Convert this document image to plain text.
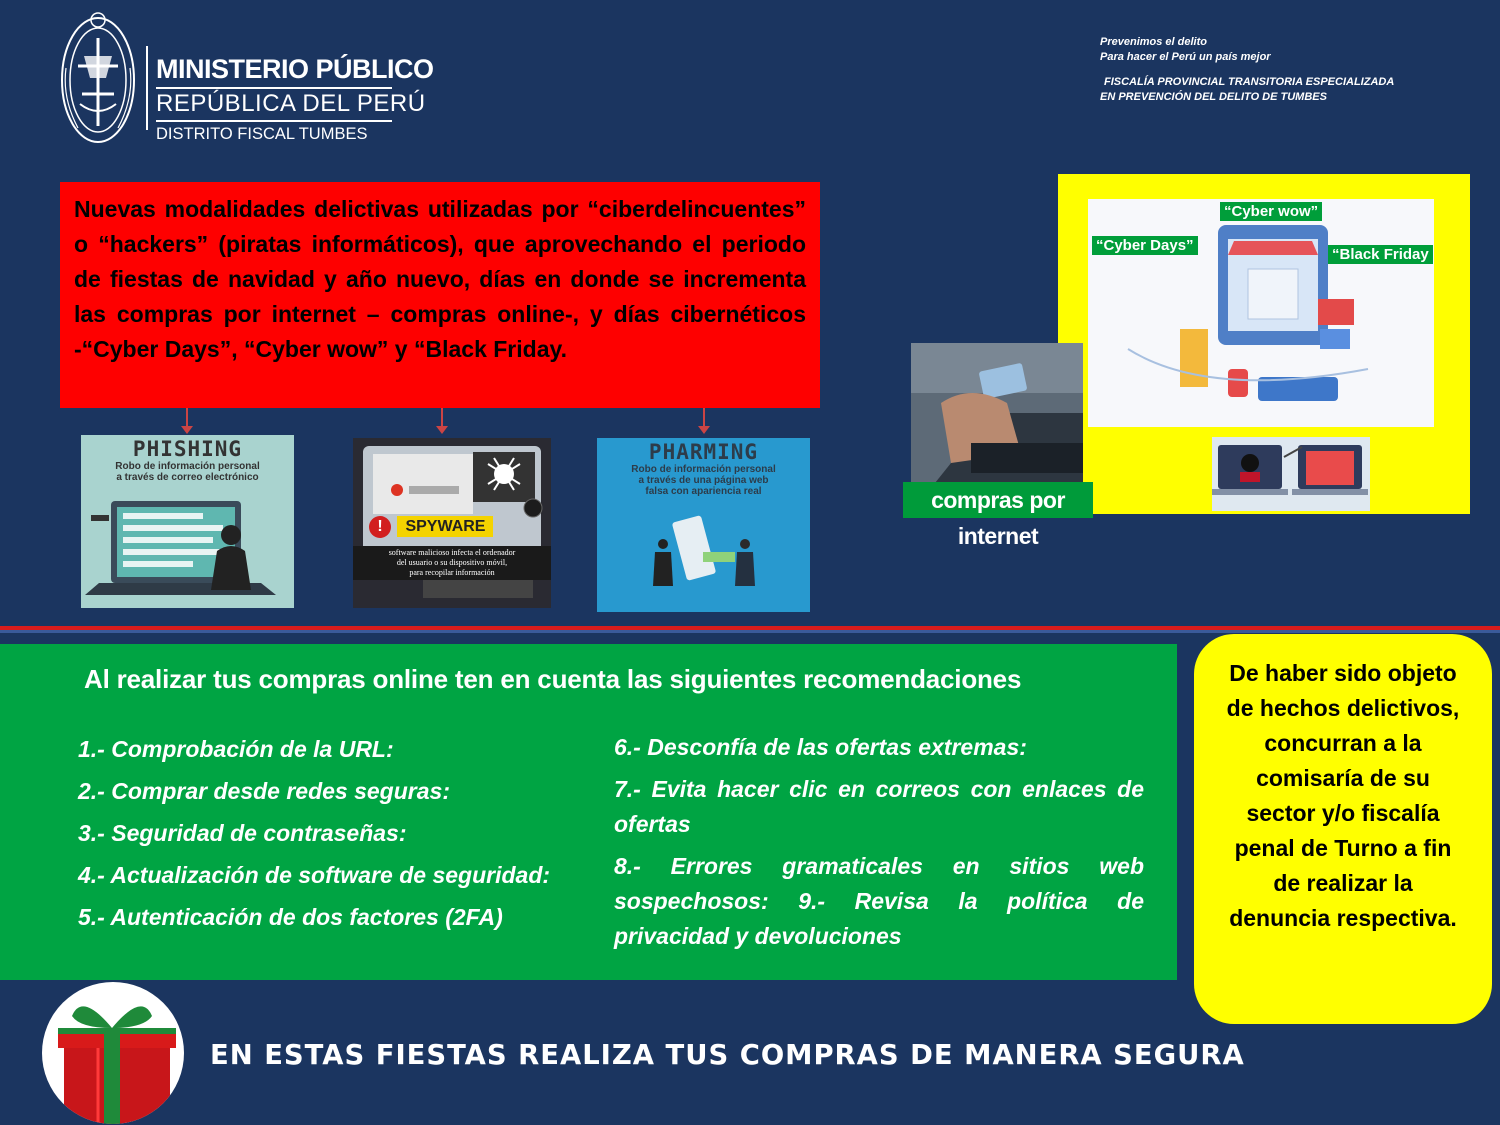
MINISTERIO PÚBLICO
REPÚBLICA DEL PERÚ
DISTRITO FISCAL TUMBES
Prevenimos el delito
Para hacer el Perú un país mejor
FISCALÍA PROVINCIAL TRANSITORIA ESPECIALIZADA
EN PREVENCIÓN DEL DELITO DE TUMBES

Nuevas modalidades delictivas utilizadas por “ciberdelincuentes” o “hackers” (piratas informáticos), que aprovechando el periodo de fiestas de navidad y año nuevo, días en donde se incrementa las compras por internet – compras online-, y días cibernéticos -“Cyber Days”, “Cyber wow” y “Black Friday.

PHISHING
Robo de información personal
a través de correo electrónico
! SPYWARE
software malicioso infecta el ordenador
del usuario o su dispositivo móvil,
para recopilar información
PHARMING
Robo de información personal
a través de una página web
falsa con apariencia real
“Cyber wow”
“Cyber Days”
“Black Friday
compras por internet
Al realizar tus compras online ten en cuenta las siguientes recomendaciones
1.- Comprobación de la URL:
2.- Comprar desde redes seguras:
3.- Seguridad de contraseñas:
4.- Actualización de software de seguridad:
5.- Autenticación de dos factores (2FA)
6.- Desconfía de las ofertas extremas:
7.- Evita hacer clic en correos con enlaces de ofertas
8.- Errores gramaticales en sitios web sospechosos: 9.- Revisa la política de privacidad y devoluciones

De haber sido objeto de hechos delictivos, concurran a la comisaría de su sector y/o fiscalía penal de Turno a fin de realizar la denuncia respectiva.

EN ESTAS FIESTAS REALIZA TUS COMPRAS DE MANERA SEGURA
